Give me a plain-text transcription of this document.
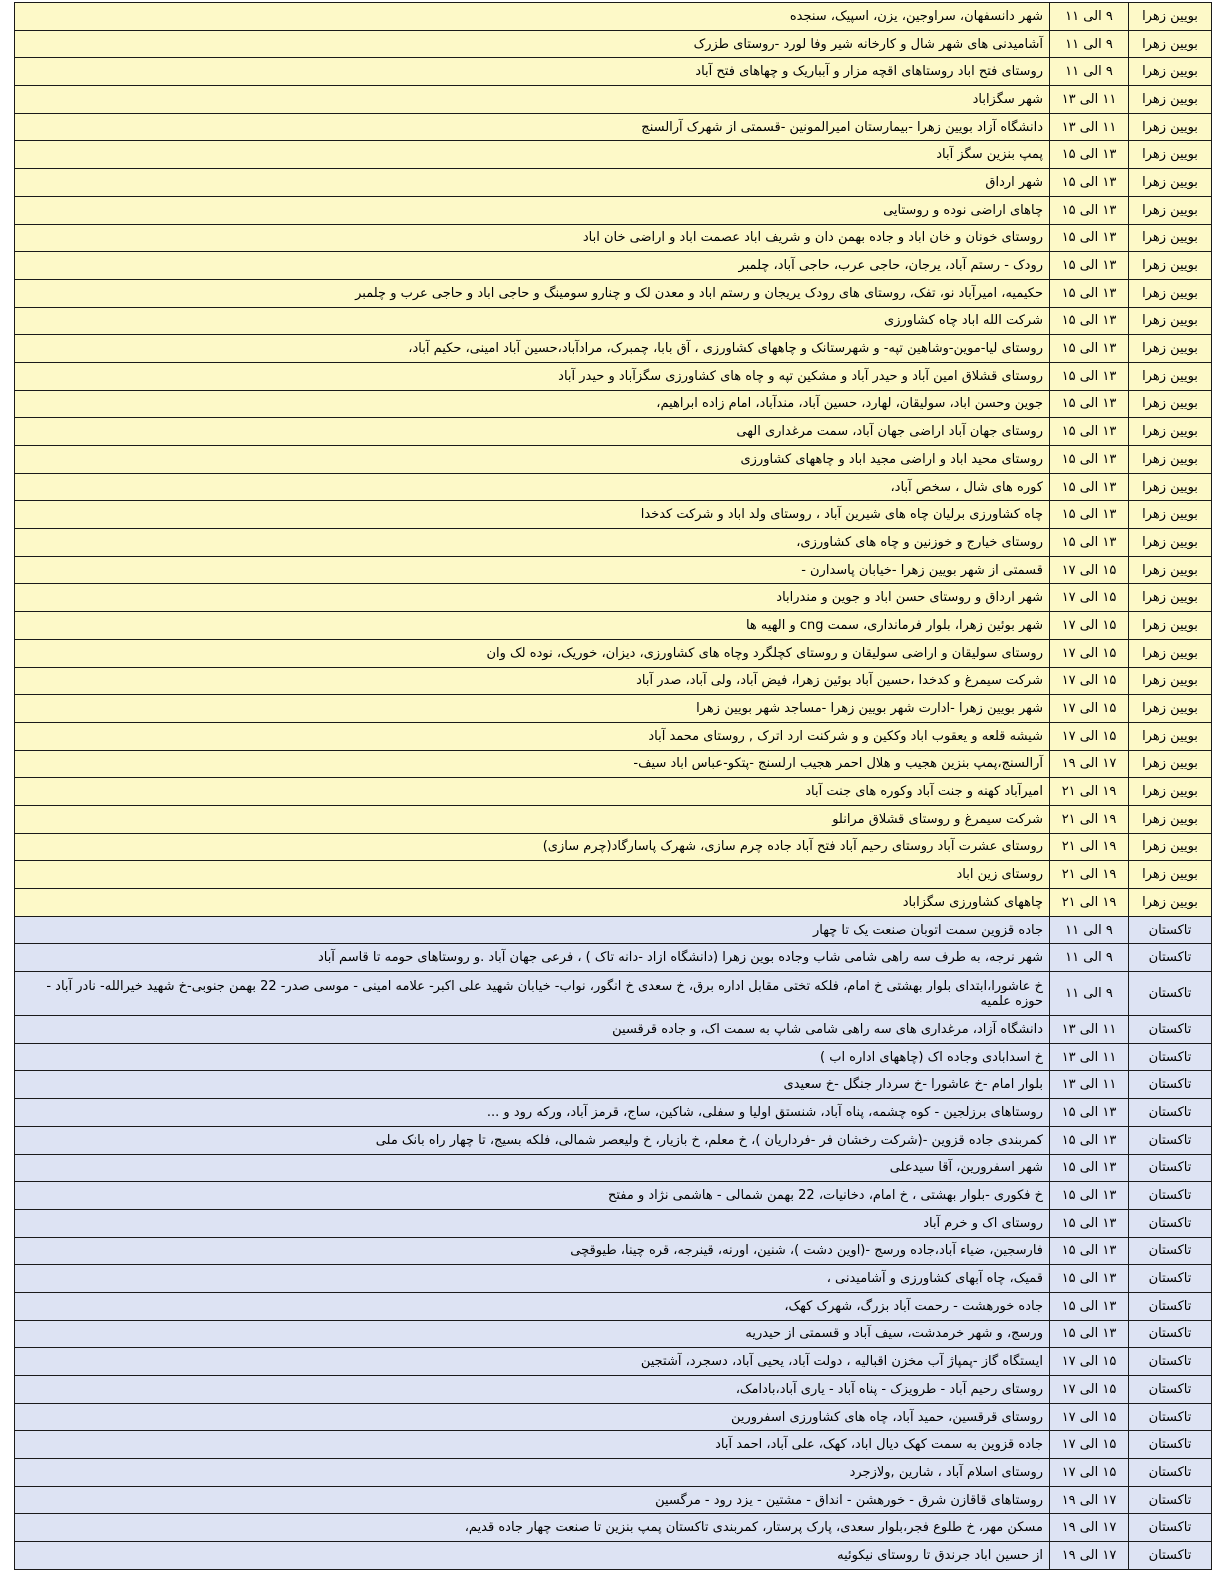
بویین زهرا	۹ الی ۱۱	شهر دانسفهان، سراوجین، یزن، اسپیک، سنجده
بویین زهرا	۹ الی ۱۱	آشامیدنی های شهر شال و کارخانه شیر وفا لورد -روستای طزرک
بویین زهرا	۹ الی ۱۱	روستای فتح اباد روستاهای اقچه مزار و آبباریک و چهاهای فتح آباد
بویین زهرا	۱۱ الی ۱۳	شهر سگزاباد
بویین زهرا	۱۱ الی ۱۳	دانشگاه آزاد بویین زهرا -بیمارستان امیرالمونین -قسمتی از شهرک آرالسنج
بویین زهرا	۱۳ الی ۱۵	پمپ بنزین سگز آباد
بویین زهرا	۱۳ الی ۱۵	شهر ارداق
بویین زهرا	۱۳ الی ۱۵	چاهای اراضی نوده و روستایی
بویین زهرا	۱۳ الی ۱۵	روستای خونان و خان اباد و جاده بهمن دان و شریف اباد عصمت اباد و اراضی خان اباد
بویین زهرا	۱۳ الی ۱۵	رودک - رستم آباد، یرجان، حاجی عرب، حاجی آباد، چلمبر
بویین زهرا	۱۳ الی ۱۵	حکیمیه، امیرآباد نو، تفک، روستای های رودک یریجان و رستم اباد و معدن لک و چنارو سومینگ و حاجی اباد و حاجی عرب و چلمبر
بویین زهرا	۱۳ الی ۱۵	شرکت الله اباد چاه کشاورزی
بویین زهرا	۱۳ الی ۱۵	روستای لیا-موین-وشاهین تپه- و شهرستانک و چاههای کشاورزی ، آق بابا، چمبرک، مرادآباد،حسین آباد امینی، حکیم آباد،
بویین زهرا	۱۳ الی ۱۵	روستای قشلاق امین آباد و حیدر آباد و مشکین تپه و چاه های کشاورزی سگزآباد و حیدر آباد
بویین زهرا	۱۳ الی ۱۵	جوین وحسن اباد، سولیقان، لهارد، حسین آباد، مندآباد، امام زاده ابراهیم،
بویین زهرا	۱۳ الی ۱۵	روستای جهان آباد اراضی جهان آباد، سمت مرغداری الهی
بویین زهرا	۱۳ الی ۱۵	روستای محید اباد و اراضی مجید اباد و چاههای کشاورزی
بویین زهرا	۱۳ الی ۱۵	کوره های شال ، سخص آباد،
بویین زهرا	۱۳ الی ۱۵	چاه کشاورزی برلیان چاه های شیرین آباد ، روستای ولد اباد و شرکت کدخدا
بویین زهرا	۱۳ الی ۱۵	روستای خیارج و خوزنین و چاه های کشاورزی،
بویین زهرا	۱۵ الی ۱۷	قسمتی از شهر بویین زهرا -خیابان پاسدارن -
بویین زهرا	۱۵ الی ۱۷	شهر ارداق و روستای حسن اباد و جوین و مندراباد
بویین زهرا	۱۵ الی ۱۷	شهر بوئین زهرا، بلوار فرمانداری، سمت cng و الهیه ها
بویین زهرا	۱۵ الی ۱۷	روستای سولیقان و اراضی سولیقان و روستای کچلگرد وچاه های کشاورزی، دیزان، خوریک، نوده لک وان
بویین زهرا	۱۵ الی ۱۷	شرکت سیمرغ و کدخدا ،حسین آباد بوئین زهرا، فیض آباد، ولی آباد، صدر آباد
بویین زهرا	۱۵ الی ۱۷	شهر بویین زهرا -ادارت شهر بویین زهرا -مساجد شهر بویین زهرا
بویین زهرا	۱۵ الی ۱۷	شیشه قلعه و یعقوب اباد وککین و و شرکنت ارد اترک , روستای محمد آباد
بویین زهرا	۱۷ الی ۱۹	آرالسنج،پمپ بنزین هجیب و هلال احمر هجیب ارلسنج -پتکو-عباس اباد سیف-
بویین زهرا	۱۹ الی ۲۱	امیرآباد کهنه و جنت آباد وکوره های جنت آباد
بویین زهرا	۱۹ الی ۲۱	شرکت سیمرغ و روستای قشلاق مرانلو
بویین زهرا	۱۹ الی ۲۱	روستای عشرت آباد روستای رحیم آباد فتح آباد جاده چرم سازی، شهرک پاسارگاد(چرم سازی)
بویین زهرا	۱۹ الی ۲۱	روستای زین اباد
بویین زهرا	۱۹ الی ۲۱	چاههای کشاورزی سگزاباد
تاکستان	۹ الی ۱۱	جاده قزوین سمت اتوبان صنعت یک تا چهار
تاکستان	۹ الی ۱۱	شهر نرجه، به طرف سه راهی شامی شاب وجاده بوین زهرا (دانشگاه ازاد -دانه تاک ) ، فرعی جهان آباد .و روستاهای حومه تا قاسم آباد
تاکستان	۹ الی ۱۱	خ عاشورا،ابتدای بلوار بهشتی خ امام، فلکه تختی مقابل اداره برق، خ سعدی خ انگور، نواب- خیابان شهید علی اکبر- علامه امینی - موسی صدر- 22 بهمن جنوبی-خ شهید خیرالله- نادر آباد - حوزه علمیه
تاکستان	۱۱ الی ۱۳	دانشگاه آزاد، مرغداری های سه راهی شامی شاپ به سمت اک، و جاده قرقسین
تاکستان	۱۱ الی ۱۳	خ اسدابادی وجاده اک (چاههای اداره اب )
تاکستان	۱۱ الی ۱۳	بلوار امام -خ عاشورا -خ سردار جنگل -خ سعیدی
تاکستان	۱۳ الی ۱۵	روستاهای برزلجین - کوه چشمه، پناه آباد، شنستق اولیا و سفلی، شاکین، ساج، قرمز آباد، ورکه رود و ...
تاکستان	۱۳ الی ۱۵	کمربندی جاده قزوین -(شرکت رخشان فر -فرداریان )، خ معلم، خ بازیار، خ ولیعصر شمالی، فلکه بسیج، تا چهار راه بانک ملی
تاکستان	۱۳ الی ۱۵	شهر اسفرورین، آقا سیدعلی
تاکستان	۱۳ الی ۱۵	خ فکوری -بلوار بهشتی ، خ امام، دخانیات، 22 بهمن شمالی - هاشمی نژاد و مفتح
تاکستان	۱۳ الی ۱۵	روستای اک و خرم آباد
تاکستان	۱۳ الی ۱۵	فارسجین، ضیاء آباد،جاده ورسج -(اوین دشت )، شنین، اورنه، قینرجه، قره چینا، طیوقچی
تاکستان	۱۳ الی ۱۵	قمیک، چاه آبهای کشاورزی و آشامیدنی ،
تاکستان	۱۳ الی ۱۵	جاده خورهشت - رحمت آباد بزرگ، شهرک کهک،
تاکستان	۱۳ الی ۱۵	ورسج، و شهر خرمدشت، سیف آباد و قسمتی از حیدریه
تاکستان	۱۵ الی ۱۷	ایستگاه گاز -پمپاژ آب مخزن اقبالیه ، دولت آباد، یحیی آباد، دسجرد، آشتجین
تاکستان	۱۵ الی ۱۷	روستای رحیم آباد - طرویزک - پناه آباد - یاری آباد،بادامک،
تاکستان	۱۵ الی ۱۷	روستای قرقسین، حمید آباد، چاه های کشاورزی اسفرورین
تاکستان	۱۵ الی ۱۷	جاده قزوین به سمت کهک دیال اباد، کهک، علی آباد، احمد آباد
تاکستان	۱۵ الی ۱۷	روستای اسلام آباد ، شارین ,ولازجرد
تاکستان	۱۷ الی ۱۹	روستاهای قاقازن شرق - خورهشن - انداق - مشتین - یزد رود - مرگسین
تاکستان	۱۷ الی ۱۹	مسکن مهر، خ طلوع فجر،بلوار سعدی، پارک پرستار، کمربندی تاکستان پمپ بنزین تا صنعت چهار جاده قدیم،
تاکستان	۱۷ الی ۱۹	از حسین اباد جرندق تا روستای نیکوئیه
